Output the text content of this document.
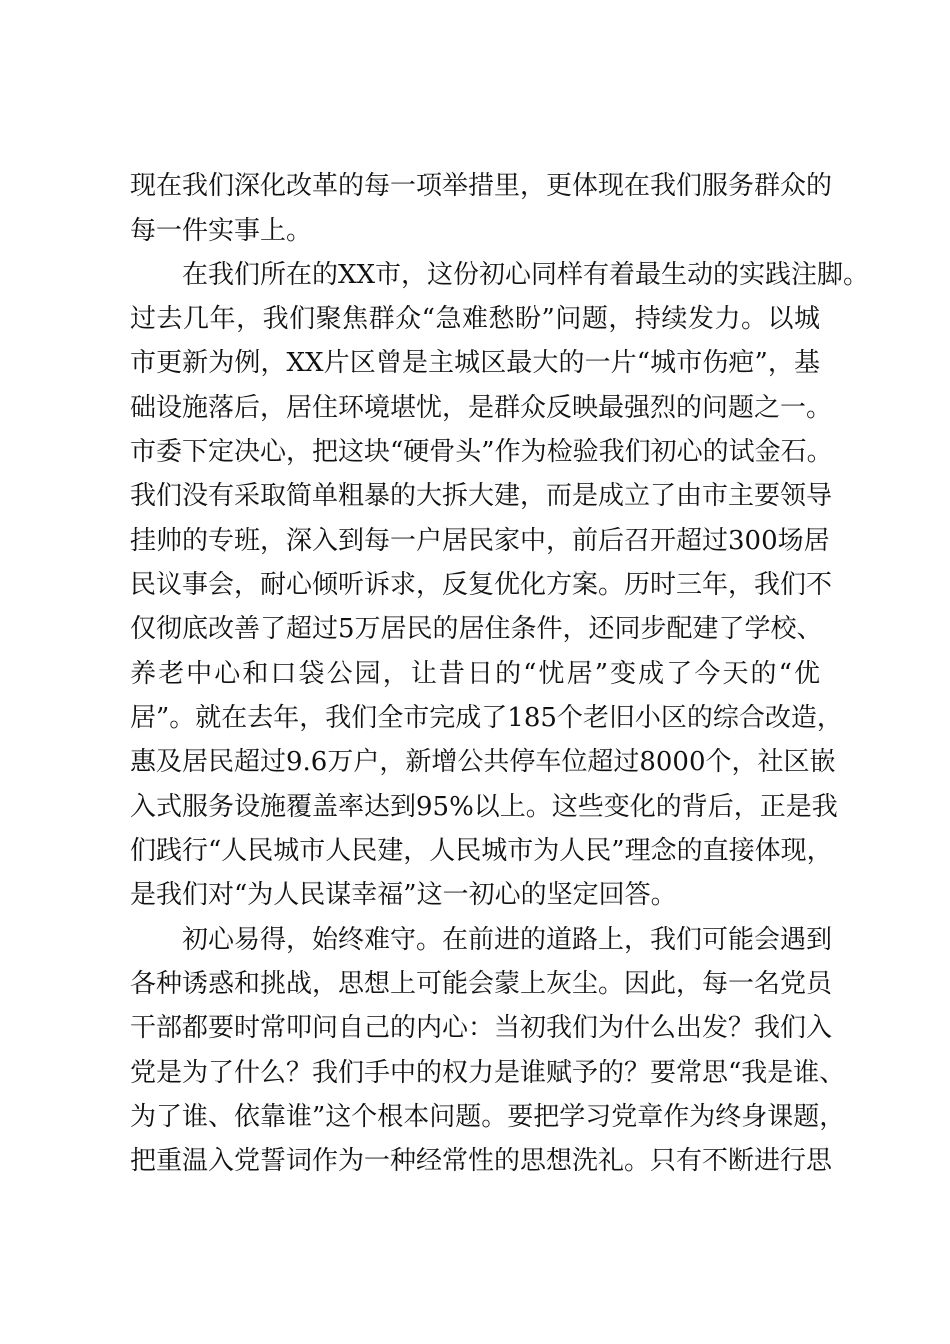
现在我们深化改革的每一项举措里，更体现在我们服务群众的
每一件实事上。
在我们所在的XX市，这份初心同样有着最生动的实践注脚。
过去几年，我们聚焦群众“急难愁盼”问题，持续发力。以城
市更新为例，XX片区曾是主城区最大的一片“城市伤疤”，基
础设施落后，居住环境堪忧，是群众反映最强烈的问题之一。
市委下定决心，把这块“硬骨头”作为检验我们初心的试金石。
我们没有采取简单粗暴的大拆大建，而是成立了由市主要领导
挂帅的专班，深入到每一户居民家中，前后召开超过300场居
民议事会，耐心倾听诉求，反复优化方案。历时三年，我们不
仅彻底改善了超过5万居民的居住条件，还同步配建了学校、
养老中心和口袋公园，让昔日的“忧居”变成了今天的“优
居”。就在去年，我们全市完成了185个老旧小区的综合改造，
惠及居民超过9.6万户，新增公共停车位超过8000个，社区嵌
入式服务设施覆盖率达到95%以上。这些变化的背后，正是我
们践行“人民城市人民建，人民城市为人民”理念的直接体现，
是我们对“为人民谋幸福”这一初心的坚定回答。
初心易得，始终难守。在前进的道路上，我们可能会遇到
各种诱惑和挑战，思想上可能会蒙上灰尘。因此，每一名党员
干部都要时常叩问自己的内心：当初我们为什么出发？我们入
党是为了什么？我们手中的权力是谁赋予的？要常思“我是谁、
为了谁、依靠谁”这个根本问题。要把学习党章作为终身课题，
把重温入党誓词作为一种经常性的思想洗礼。只有不断进行思
